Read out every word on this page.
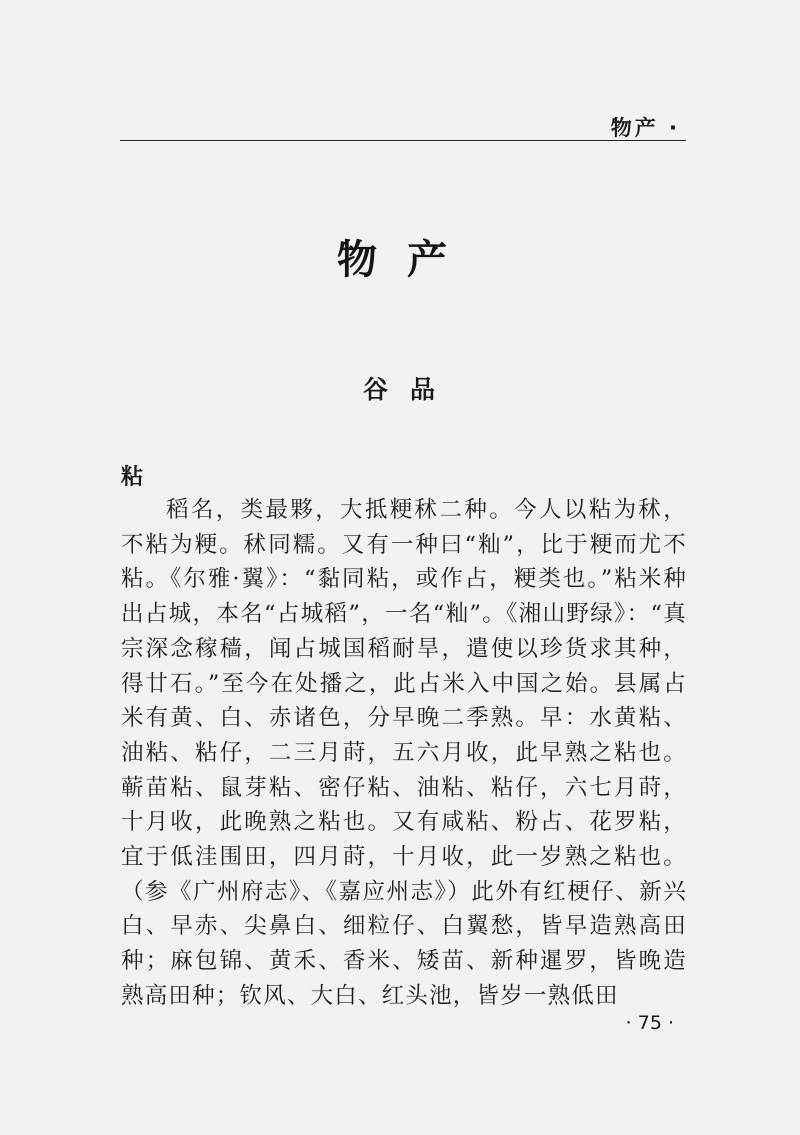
物产 ·
物产
谷品
粘

稻名，类最夥，大抵粳秫二种。今人以粘为秫，不粘为粳。秫同糯。又有一种曰“籼”，比于粳而尤不粘。《尔雅·翼》：“黏同粘，或作占，粳类也。”粘米种出占城，本名“占城稻”，一名“籼”。《湘山野绿》：“真宗深念稼穑，闻占城国稻耐旱，遣使以珍货求其种，得廿石。”至今在处播之，此占米入中国之始。县属占米有黄、白、赤诸色，分早晚二季熟。早：水黄粘、油粘、粘仔，二三月莳，五六月收，此早熟之粘也。蕲苗粘、鼠芽粘、密仔粘、油粘、粘仔，六七月莳，十月收，此晚熟之粘也。又有咸粘、粉占、花罗粘，宜于低洼围田，四月莳，十月收，此一岁熟之粘也。（参《广州府志》、《嘉应州志》）此外有红梗仔、新兴白、早赤、尖鼻白、细粒仔、白翼愁，皆早造熟高田种；麻包锦、黄禾、香米、矮苗、新种暹罗，皆晚造熟高田种；钦风、大白、红头池，皆岁一熟低田

· 75 ·
